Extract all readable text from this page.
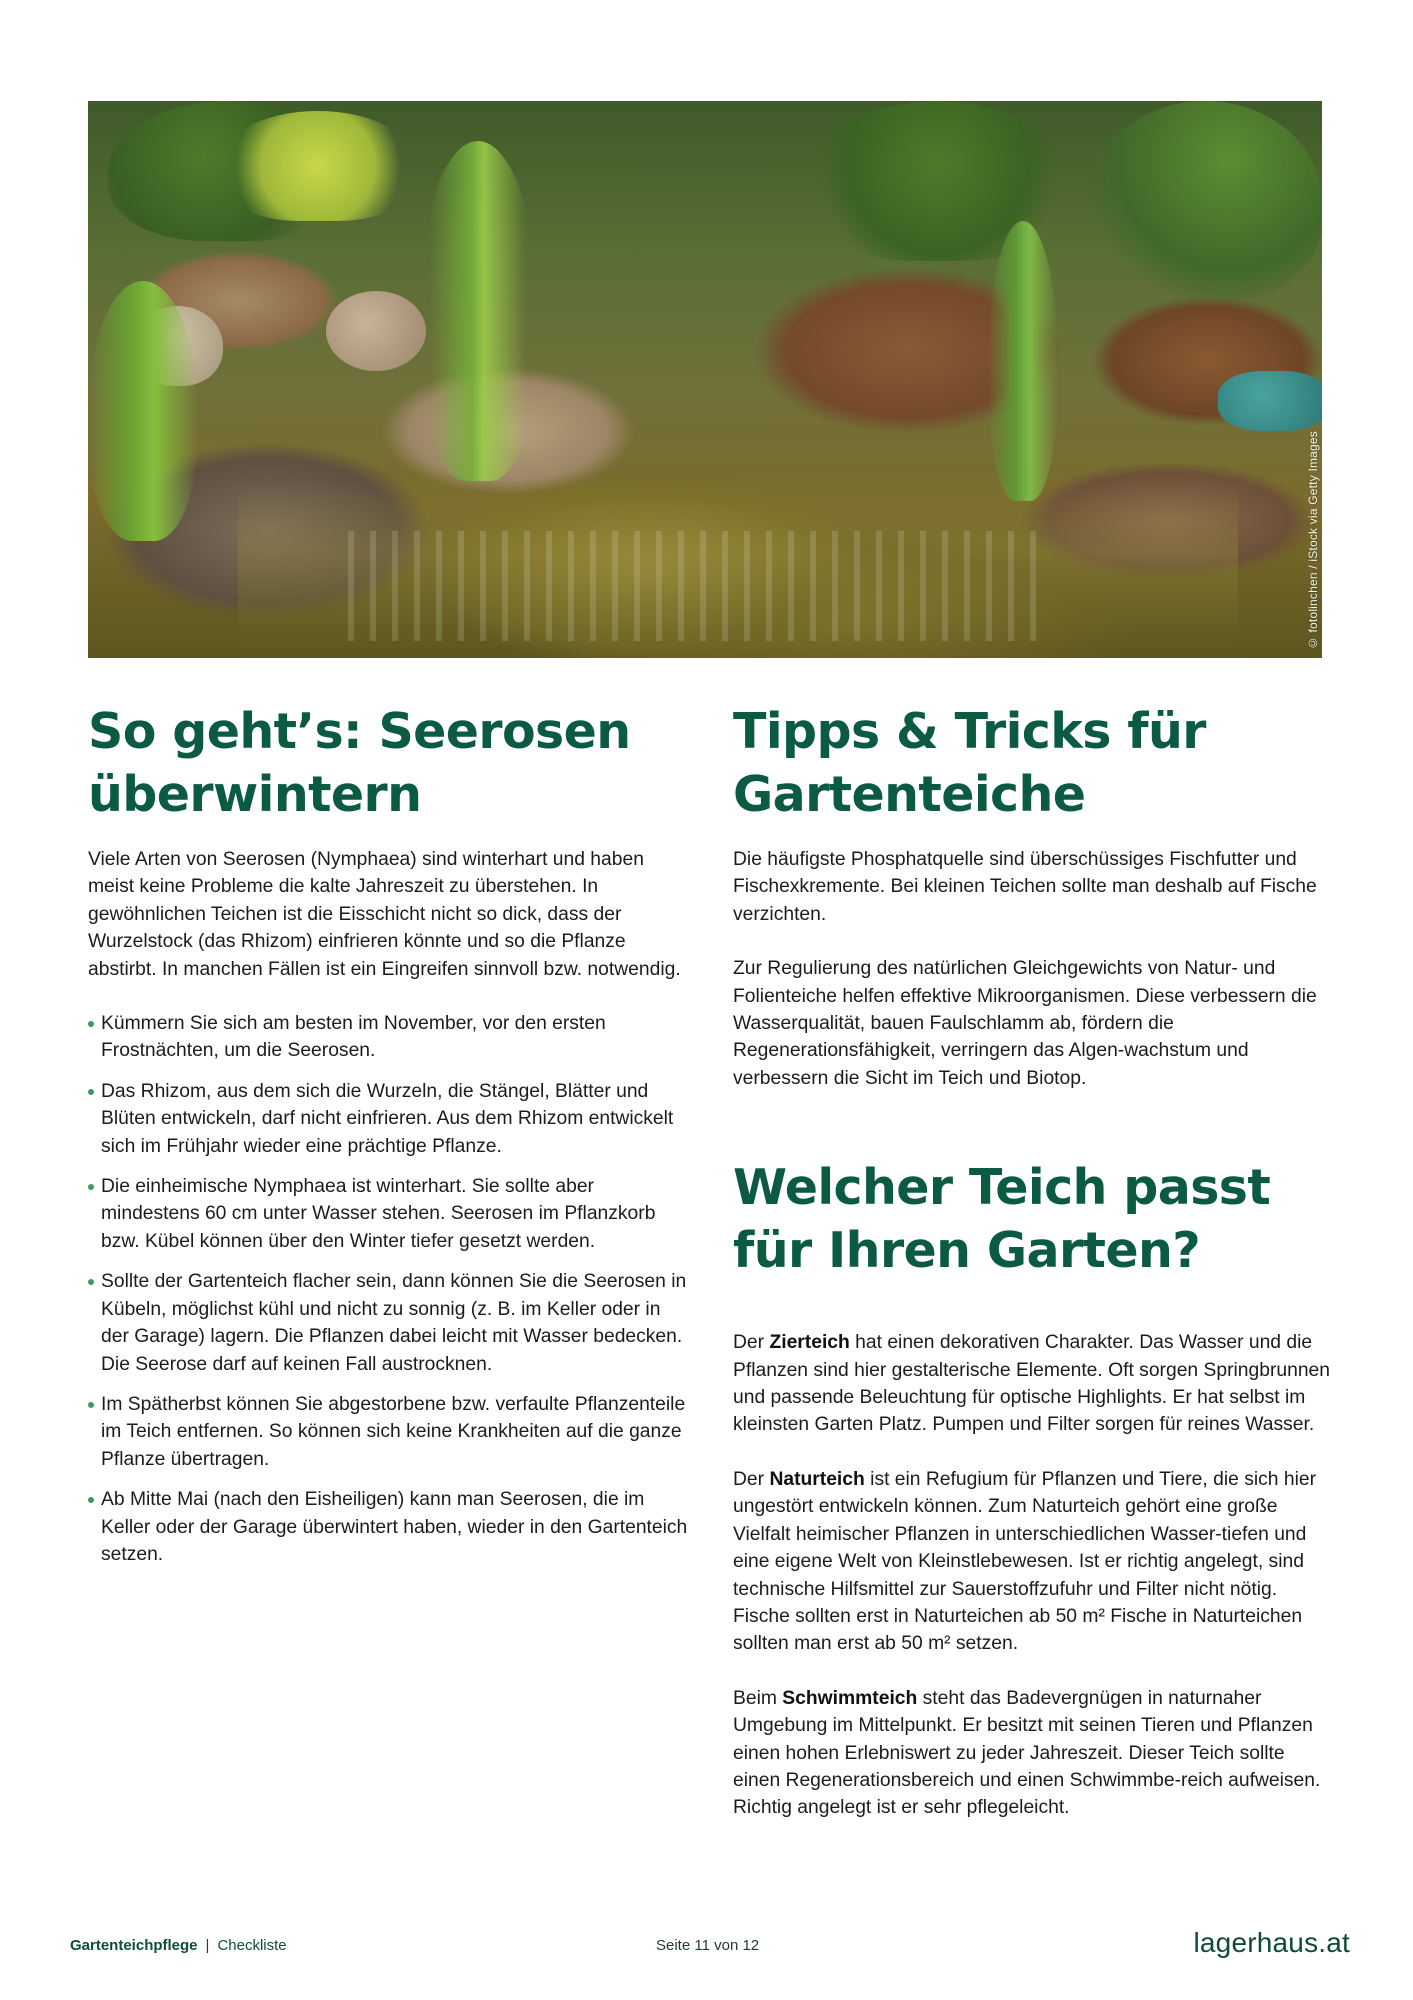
© fotolinchen / iStock via Getty Images
So geht’s: Seerosen
überwintern

Viele Arten von Seerosen (Nymphaea) sind winterhart und haben meist keine Probleme die kalte Jahreszeit zu überstehen. In gewöhnlichen Teichen ist die Eisschicht nicht so dick, dass der Wurzelstock (das Rhizom) einfrieren könnte und so die Pflanze abstirbt. In manchen Fällen ist ein Eingreifen sinnvoll bzw. notwendig.

Kümmern Sie sich am besten im November, vor den ersten Frostnächten, um die Seerosen.
Das Rhizom, aus dem sich die Wurzeln, die Stängel, Blätter und Blüten entwickeln, darf nicht einfrieren. Aus dem Rhizom entwickelt sich im Frühjahr wieder eine prächtige Pflanze.
Die einheimische Nymphaea ist winterhart. Sie sollte aber mindestens 60 cm unter Wasser stehen. Seerosen im Pflanzkorb bzw. Kübel können über den Winter tiefer gesetzt werden.
Sollte der Gartenteich flacher sein, dann können Sie die Seerosen in Kübeln, möglichst kühl und nicht zu sonnig (z. B. im Keller oder in der Garage) lagern. Die Pflanzen dabei leicht mit Wasser bedecken. Die Seerose darf auf keinen Fall austrocknen.
Im Spätherbst können Sie abgestorbene bzw. verfaulte Pflanzenteile im Teich entfernen. So können sich keine Krankheiten auf die ganze Pflanze übertragen.
Ab Mitte Mai (nach den Eisheiligen) kann man Seerosen, die im Keller oder der Garage überwintert haben, wieder in den Gartenteich setzen.
Tipps & Tricks für
Gartenteiche

Die häufigste Phosphatquelle sind überschüssiges Fischfutter und Fischexkremente. Bei kleinen Teichen sollte man deshalb auf Fische verzichten.

Zur Regulierung des natürlichen Gleichgewichts von Natur- und Folienteiche helfen effektive Mikroorganismen. Diese verbessern die Wasserqualität, bauen Faulschlamm ab, fördern die Regenerationsfähigkeit, verringern das Algen-wachstum und verbessern die Sicht im Teich und Biotop.

Welcher Teich passt
für Ihren Garten?

Der Zierteich hat einen dekorativen Charakter. Das Wasser und die Pflanzen sind hier gestalterische Elemente. Oft sorgen Springbrunnen und passende Beleuchtung für optische Highlights. Er hat selbst im kleinsten Garten Platz. Pumpen und Filter sorgen für reines Wasser.

Der Naturteich ist ein Refugium für Pflanzen und Tiere, die sich hier ungestört entwickeln können. Zum Naturteich gehört eine große Vielfalt heimischer Pflanzen in unterschiedlichen Wasser-tiefen und eine eigene Welt von Kleinstlebewesen. Ist er richtig angelegt, sind technische Hilfsmittel zur Sauerstoffzufuhr und Filter nicht nötig. Fische sollten erst in Naturteichen ab 50 m² Fische in Naturteichen sollten man erst ab 50 m² setzen.

Beim Schwimmteich steht das Badevergnügen in naturnaher Umgebung im Mittelpunkt. Er besitzt mit seinen Tieren und Pflanzen einen hohen Erlebniswert zu jeder Jahreszeit. Dieser Teich sollte einen Regenerationsbereich und einen Schwimmbe-reich aufweisen. Richtig angelegt ist er sehr pflegeleicht.

Gartenteichpflege | Checkliste	Seite 11 von 12	lagerhaus.at
